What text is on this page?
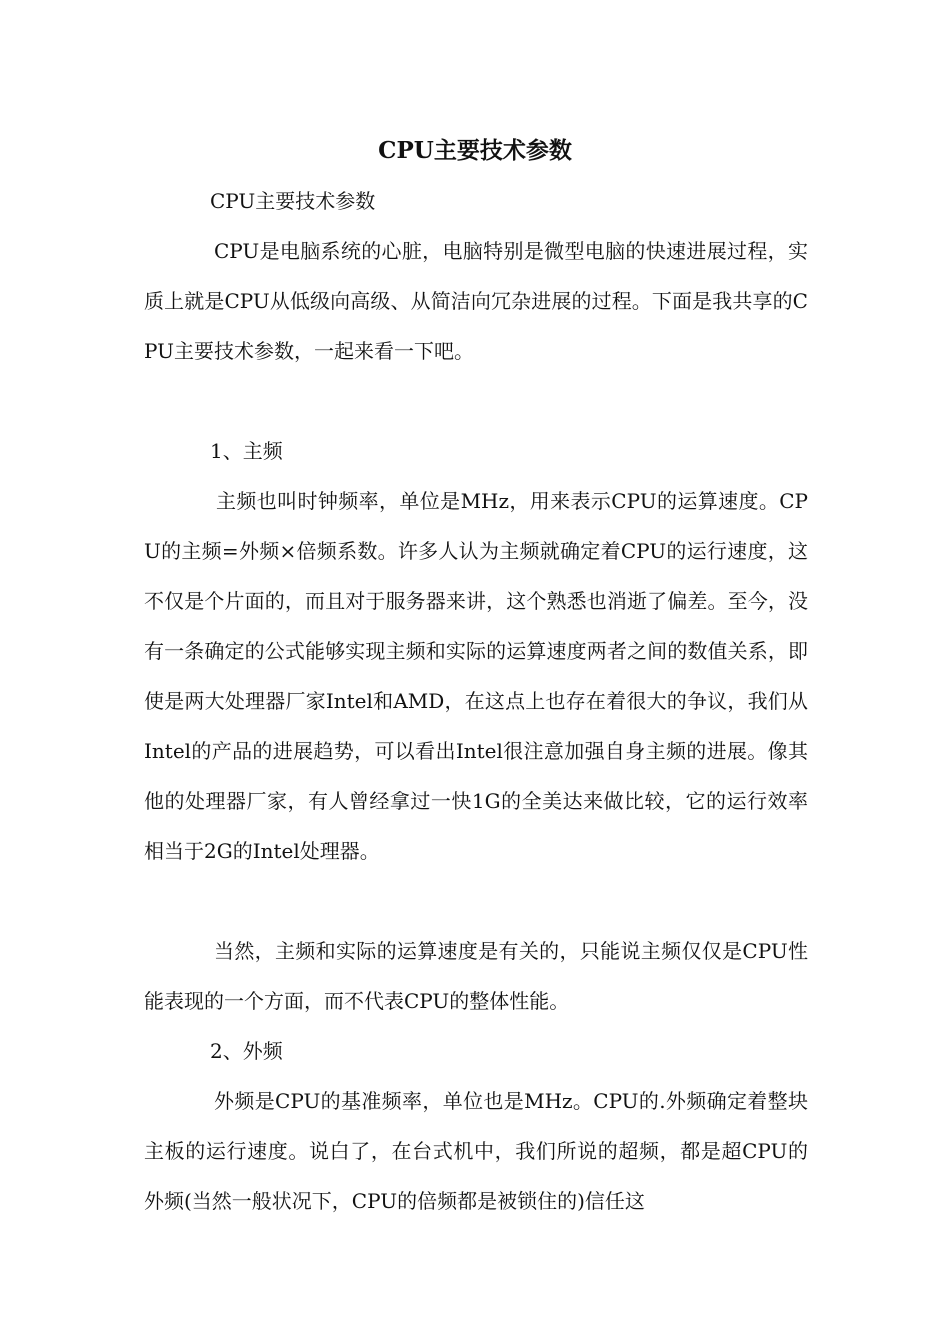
CPU主要技术参数

CPU主要技术参数

CPU是电脑系统的心脏，电脑特别是微型电脑的快速进展过程，实质上就是CPU从低级向高级、从简洁向冗杂进展的过程。下面是我共享的CPU主要技术参数，一起来看一下吧。

1、主频

主频也叫时钟频率，单位是MHz，用来表示CPU的运算速度。CPU的主频=外频×倍频系数。许多人认为主频就确定着CPU的运行速度，这不仅是个片面的，而且对于服务器来讲，这个熟悉也消逝了偏差。至今，没有一条确定的公式能够实现主频和实际的运算速度两者之间的数值关系，即使是两大处理器厂家Intel和AMD，在这点上也存在着很大的争议，我们从Intel的产品的进展趋势，可以看出Intel很注意加强自身主频的进展。像其他的处理器厂家，有人曾经拿过一快1G的全美达来做比较，它的运行效率相当于2G的Intel处理器。

当然，主频和实际的运算速度是有关的，只能说主频仅仅是CPU性能表现的一个方面，而不代表CPU的整体性能。

2、外频

外频是CPU的基准频率，单位也是MHz。CPU的.外频确定着整块主板的运行速度。说白了，在台式机中，我们所说的超频，都是超CPU的外频(当然一般状况下，CPU的倍频都是被锁住的)信任这
